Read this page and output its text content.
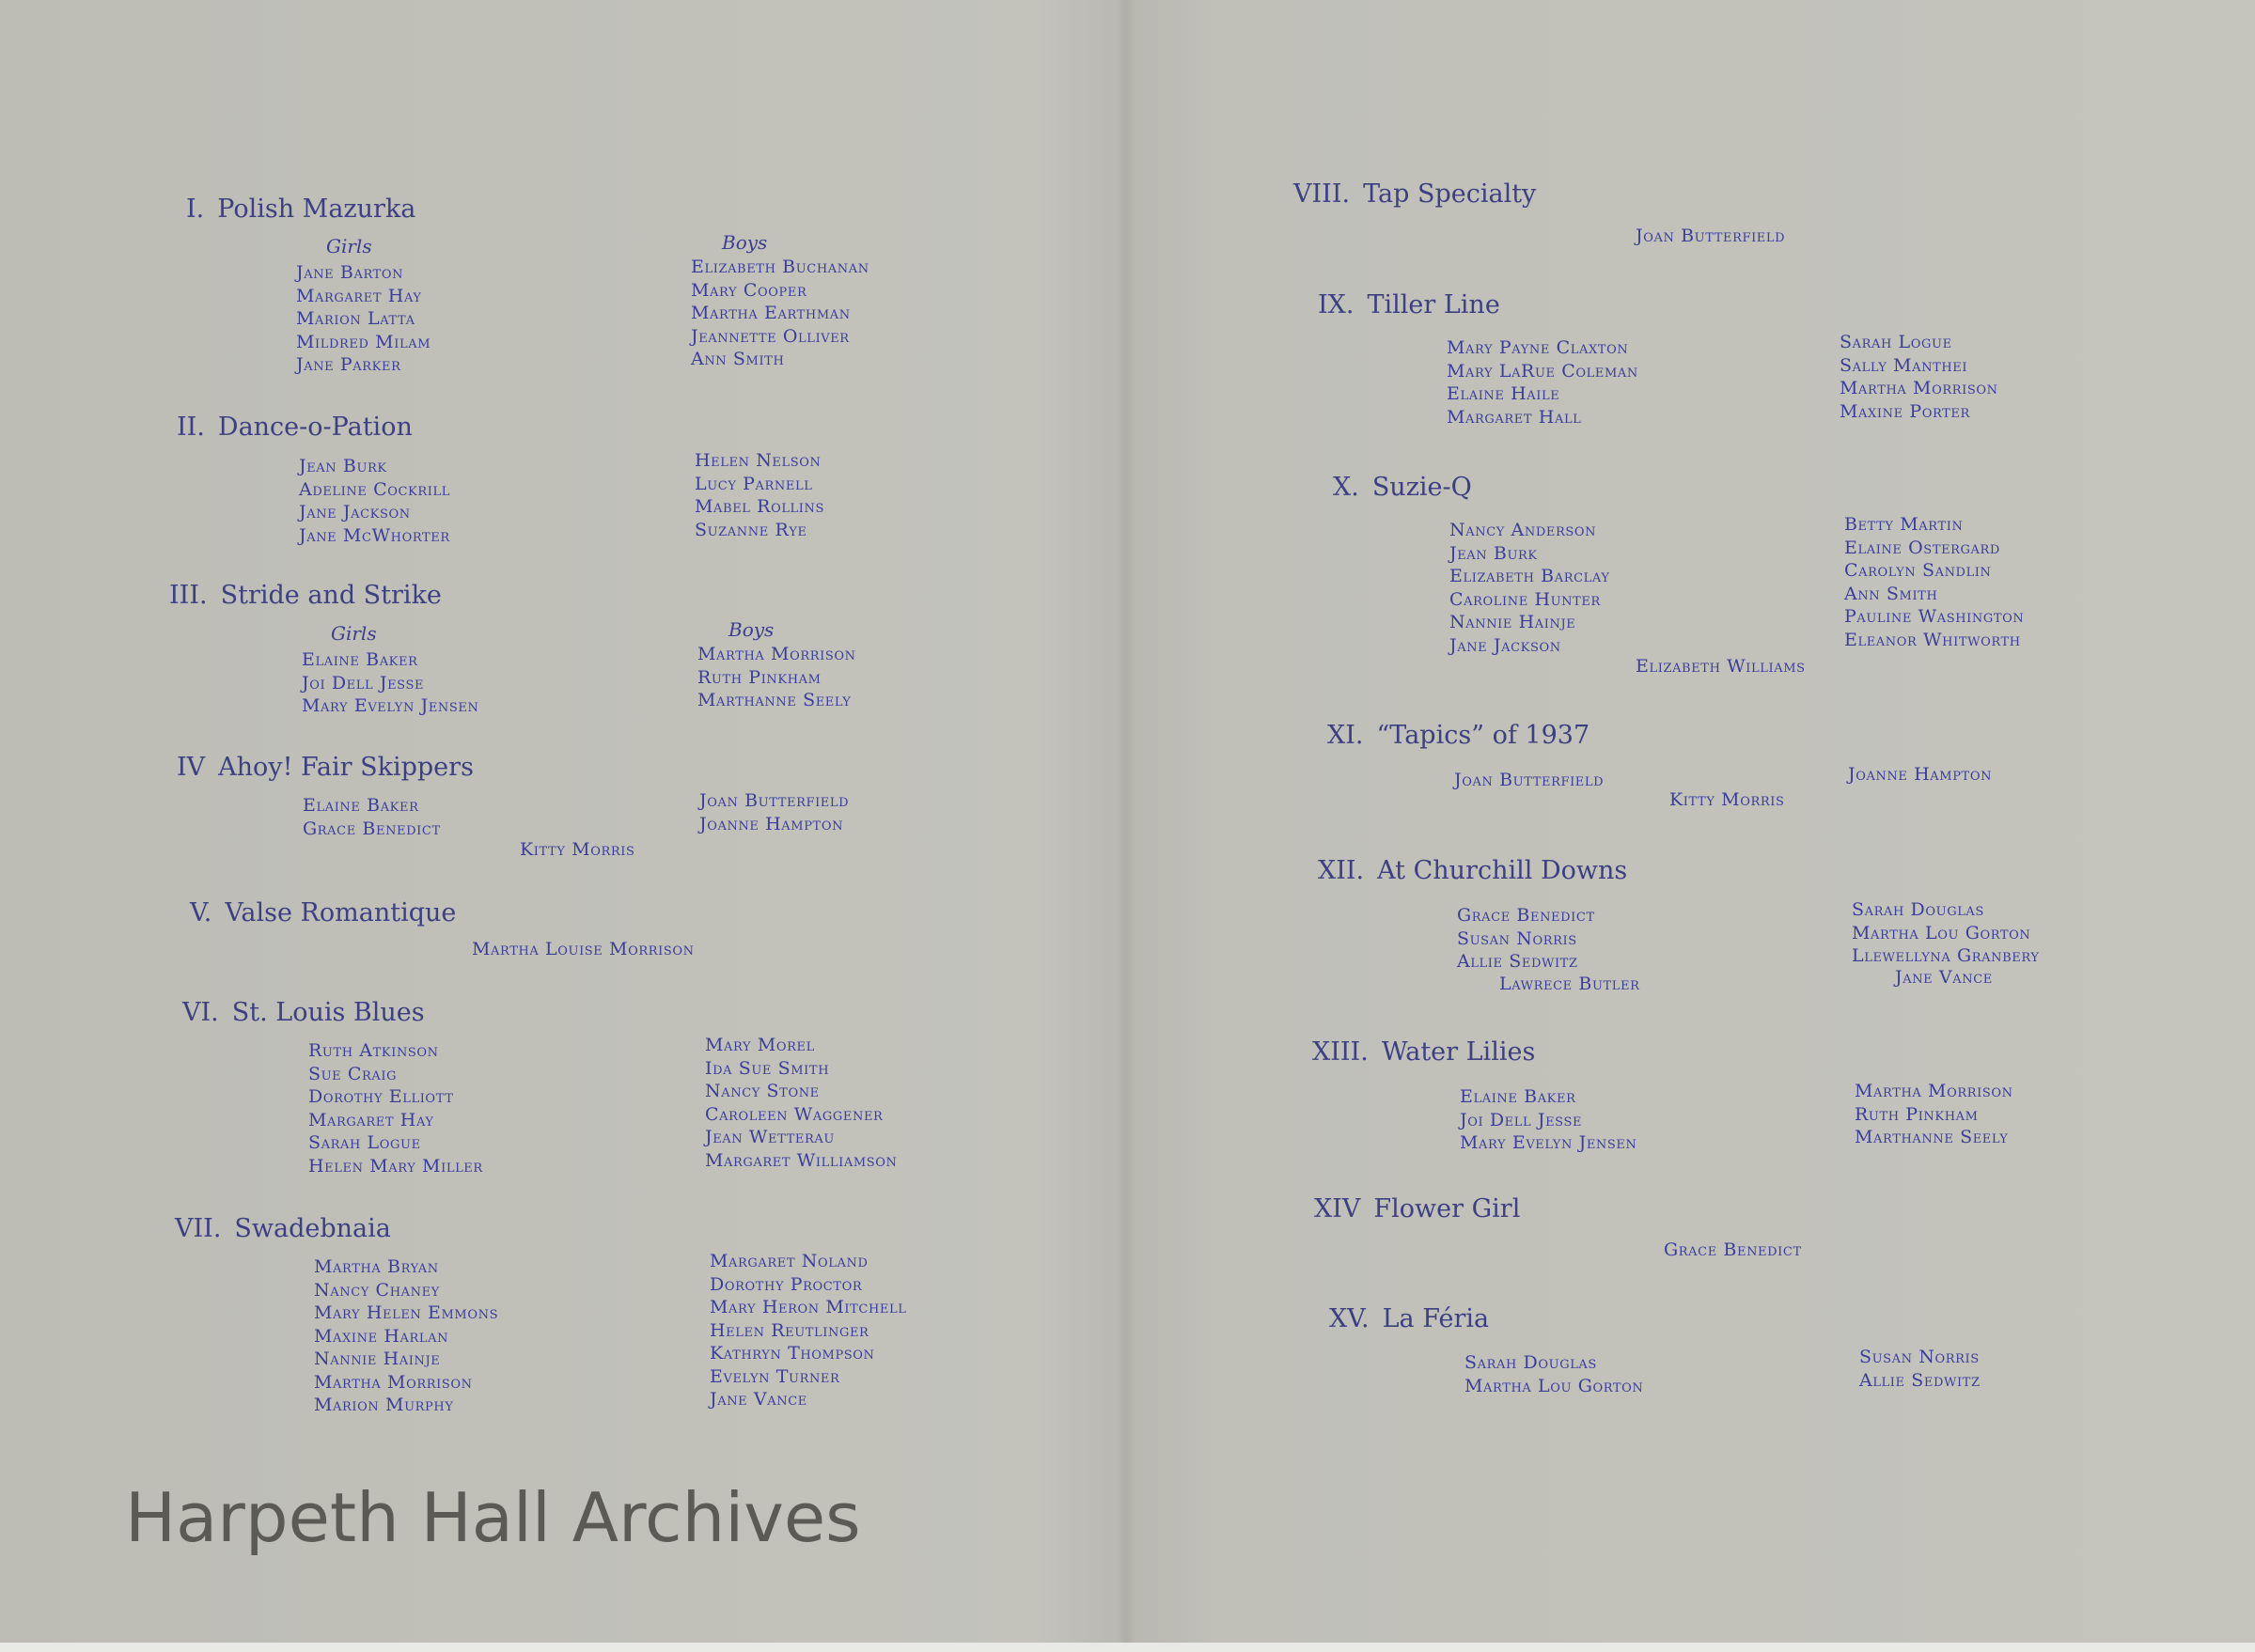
I. Polish Mazurka
Girls	Boys
Jane Barton
Margaret Hay
Marion Latta
Mildred Milam
Jane Parker
Elizabeth Buchanan
Mary Cooper
Martha Earthman
Jeannette Olliver
Ann Smith
II. Dance-o-Pation
Jean Burk
Adeline Cockrill
Jane Jackson
Jane McWhorter
Helen Nelson
Lucy Parnell
Mabel Rollins
Suzanne Rye
III. Stride and Strike
Girls	Boys
Elaine Baker
Joi Dell Jesse
Mary Evelyn Jensen
Martha Morrison
Ruth Pinkham
Marthanne Seely
IV Ahoy! Fair Skippers
Elaine Baker
Grace Benedict
Joan Butterfield
Joanne Hampton
Kitty Morris
V. Valse Romantique
Martha Louise Morrison
VI. St. Louis Blues
Ruth Atkinson
Sue Craig
Dorothy Elliott
Margaret Hay
Sarah Logue
Helen Mary Miller
Mary Morel
Ida Sue Smith
Nancy Stone
Caroleen Waggener
Jean Wetterau
Margaret Williamson
VII. Swadebnaia
Martha Bryan
Nancy Chaney
Mary Helen Emmons
Maxine Harlan
Nannie Hainje
Martha Morrison
Marion Murphy
Margaret Noland
Dorothy Proctor
Mary Heron Mitchell
Helen Reutlinger
Kathryn Thompson
Evelyn Turner
Jane Vance
VIII. Tap Specialty
Joan Butterfield
IX. Tiller Line
Mary Payne Claxton
Mary LaRue Coleman
Elaine Haile
Margaret Hall
Sarah Logue
Sally Manthei
Martha Morrison
Maxine Porter
X. Suzie-Q
Nancy Anderson
Jean Burk
Elizabeth Barclay
Caroline Hunter
Nannie Hainje
Jane Jackson
Betty Martin
Elaine Ostergard
Carolyn Sandlin
Ann Smith
Pauline Washington
Eleanor Whitworth
Elizabeth Williams
XI. “Tapics” of 1937
Joan Butterfield	Joanne Hampton
Kitty Morris
XII. At Churchill Downs
Grace Benedict
Susan Norris
Allie Sedwitz
Sarah Douglas
Martha Lou Gorton
Llewellyna Granbery
Lawrece Butler	Jane Vance
XIII. Water Lilies
Elaine Baker
Joi Dell Jesse
Mary Evelyn Jensen
Martha Morrison
Ruth Pinkham
Marthanne Seely
XIV Flower Girl
Grace Benedict
XV. La Féria
Sarah Douglas
Martha Lou Gorton
Susan Norris
Allie Sedwitz
Harpeth Hall Archives
